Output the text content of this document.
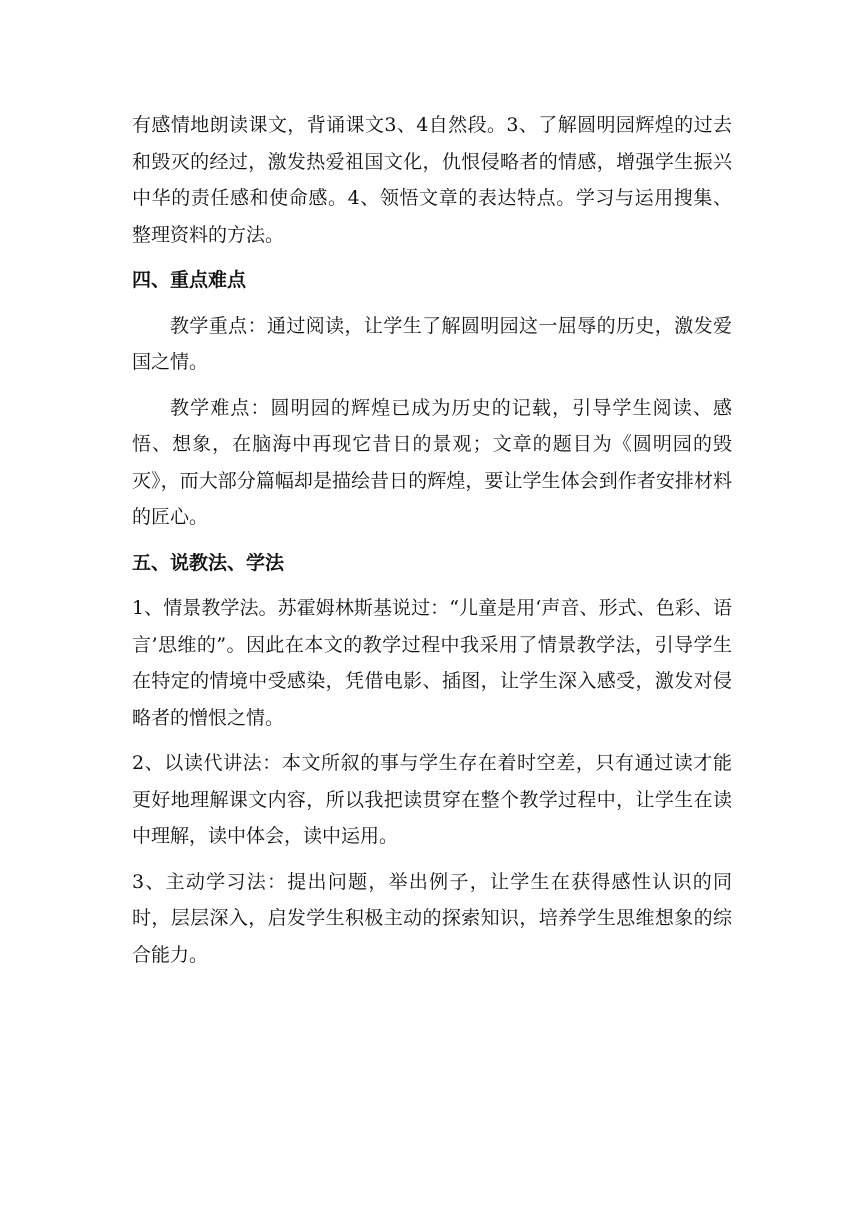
有感情地朗读课文，背诵课文3、4自然段。3、了解圆明园辉煌的过去和毁灭的经过，激发热爱祖国文化，仇恨侵略者的情感，增强学生振兴中华的责任感和使命感。4、领悟文章的表达特点。学习与运用搜集、整理资料的方法。

四、重点难点

教学重点：通过阅读，让学生了解圆明园这一屈辱的历史，激发爱国之情。

教学难点：圆明园的辉煌已成为历史的记载，引导学生阅读、感悟、想象，在脑海中再现它昔日的景观；文章的题目为《圆明园的毁灭》，而大部分篇幅却是描绘昔日的辉煌，要让学生体会到作者安排材料的匠心。

五、说教法、学法

1、情景教学法。苏霍姆林斯基说过：“儿童是用‘声音、形式、色彩、语言’思维的”。因此在本文的教学过程中我采用了情景教学法，引导学生在特定的情境中受感染，凭借电影、插图，让学生深入感受，激发对侵略者的憎恨之情。

2、以读代讲法：本文所叙的事与学生存在着时空差，只有通过读才能更好地理解课文内容，所以我把读贯穿在整个教学过程中，让学生在读中理解，读中体会，读中运用。

3、主动学习法：提出问题，举出例子，让学生在获得感性认识的同时，层层深入，启发学生积极主动的探索知识，培养学生思维想象的综合能力。
